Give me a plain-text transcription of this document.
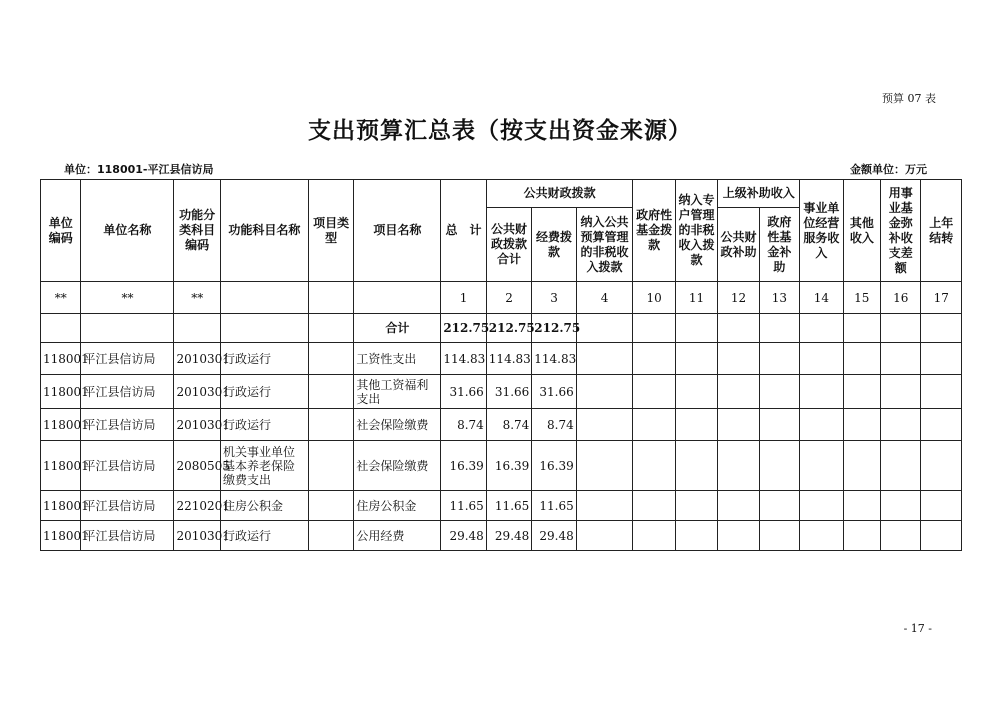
预算 07 表
支出预算汇总表（按支出资金来源）
单位：118001-平江县信访局	金额单位：万元
单位编码	单位名称	功能分类科目编码	功能科目名称	项目类型	项目名称	总　计	公共财政拨款			政府性基金拨款	纳入专户管理的非税收入拨款	上级补助收入		事业单位经营服务收入	其他收入	用事业基金弥补收支差额	上年结转
							公共财政拨款合计	经费拨款	纳入公共预算管理的非税收入拨款			公共财政补助	政府性基金补助				
**	**	**				1	2	3	4	10	11	12	13	14	15	16	17
					合计	212.75	212.75	212.75									
118001	平江县信访局	2010301	行政运行		工资性支出	114.83	114.83	114.83									
118001	平江县信访局	2010301	行政运行		其他工资福利支出	31.66	31.66	31.66									
118001	平江县信访局	2010301	行政运行		社会保险缴费	8.74	8.74	8.74									
118001	平江县信访局	2080505	机关事业单位基本养老保险缴费支出		社会保险缴费	16.39	16.39	16.39									
118001	平江县信访局	2210201	住房公积金		住房公积金	11.65	11.65	11.65									
118001	平江县信访局	2010301	行政运行		公用经费	29.48	29.48	29.48									
- 17 -
